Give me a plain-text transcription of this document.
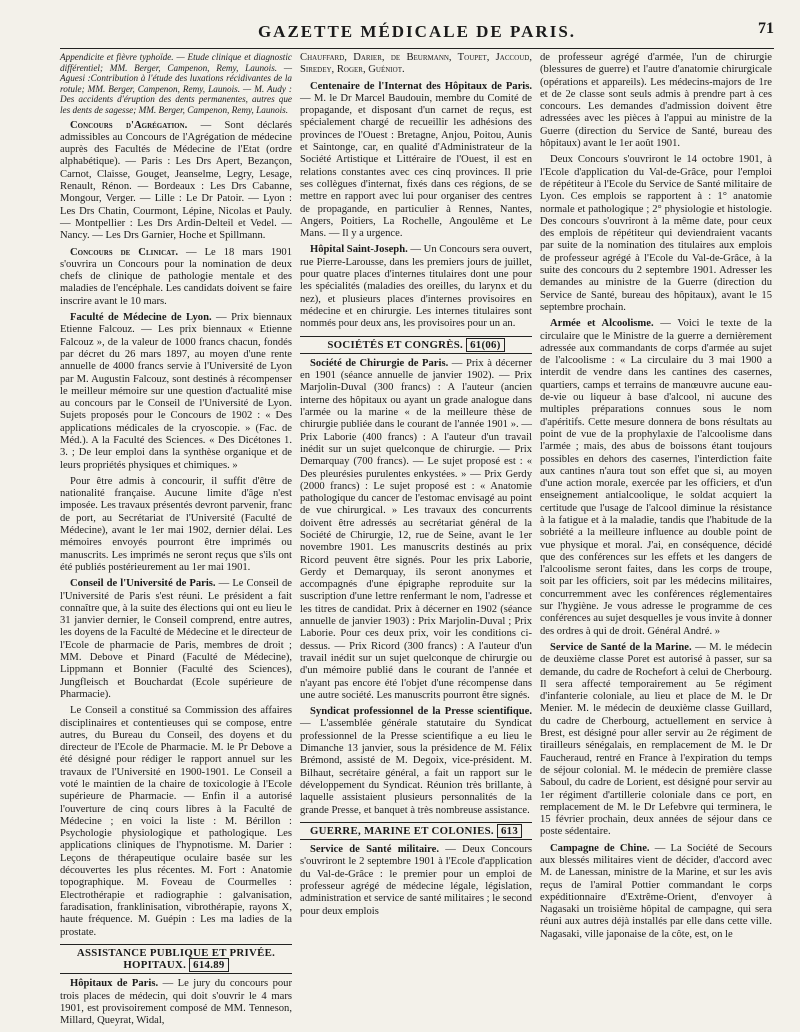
GAZETTE MÉDICALE DE PARIS.	71

Appendicite et fièvre typhoïde. — Etude clinique et diagnostic différentiel; MM. Berger, Campenon, Remy, Launois. — Aguesi :Contribution à l'étude des luxations récidivantes de la rotule; MM. Berger, Campenon, Remy, Launois. — M. Audy : Des accidents d'éruption des dents permanentes, autres que les dents de sagesse; MM. Berger, Campenon, Remy, Launois.

Concours d'Agrégation. — Sont déclarés admissibles au Concours de l'Agrégation de médecine auprès des Facultés de Médecine de l'Etat (ordre alphabétique). — Paris : Les Drs Apert, Bezançon, Carnot, Claisse, Gouget, Jeanselme, Legry, Lesage, Renault, Rénon. — Bordeaux : Les Drs Cabanne, Mongour, Verger. — Lille : Le Dr Patoir. — Lyon : Les Drs Chatin, Courmont, Lépine, Nicolas et Pauly. — Montpellier : Les Drs Ardin-Delteil et Vedel. — Nancy. — Les Drs Garnier, Hoche et Spillmann.

Concours de Clinicat. — Le 18 mars 1901 s'ouvrira un Concours pour la nomination de deux chefs de clinique de pathologie mentale et des maladies de l'encéphale. Les candidats doivent se faire inscrire avant le 10 mars.

Faculté de Médecine de Lyon. — Prix biennaux Etienne Falcouz. — Les prix biennaux « Etienne Falcouz », de la valeur de 1000 francs chacun, fondés par décret du 26 mars 1897, au moyen d'une rente annuelle de 4000 francs servie à l'Université de Lyon par M. Augustin Falcouz, sont destinés à récompenser le meilleur mémoire sur une question d'actualité mise au concours par le Conseil de l'Université de Lyon. Sujets proposés pour le Concours de 1902 : « Des applications médicales de la cryoscopie. » (Fac. de Méd.). A la Faculté des Sciences. « Des Dicétones 1. 3. ; De leur emploi dans la synthèse organique et de leurs propriétés physiques et chimiques. »

Pour être admis à concourir, il suffit d'être de nationalité française. Aucune limite d'âge n'est imposée. Les travaux présentés devront parvenir, franc de port, au Secrétariat de l'Université (Faculté de Médecine), avant le 1er mai 1902, dernier délai. Les mémoires envoyés pourront être imprimés ou manuscrits. Les imprimés ne seront reçus que s'ils ont été publiés postérieurement au 1er mai 1901.

Conseil de l'Université de Paris. — Le Conseil de l'Université de Paris s'est réuni. Le président a fait connaître que, à la suite des élections qui ont eu lieu le 31 janvier dernier, le Conseil comprend, entre autres, les doyens de la Faculté de Médecine et le directeur de l'Ecole de pharmacie de Paris, membres de droit ; MM. Debove et Pinard (Faculté de Médecine), Lippmann et Bonnier (Faculté des Sciences), Jungfleisch et Bouchardat (Ecole supérieure de Pharmacie).

Le Conseil a constitué sa Commission des affaires disciplinaires et contentieuses qui se compose, entre autres, du Bureau du Conseil, des doyens et du directeur de l'Ecole de Pharmacie. M. le Pr Debove a été désigné pour rédiger le rapport annuel sur les travaux de l'Université en 1900-1901. Le Conseil a voté le maintien de la chaire de toxicologie à l'Ecole supérieure de Pharmacie. — Enfin il a autorisé l'ouverture de cinq cours libres à la Faculté de Médecine ; en voici la liste : M. Bérillon : Psychologie physiologique et pathologique. Les applications cliniques de l'hypnotisme. M. Darier : Leçons de thérapeutique oculaire basée sur les découvertes les plus récentes. M. Fort : Anatomie topographique. M. Foveau de Courmelles : Electrothérapie et radiographie : galvanisation, faradisation, franklinisation, vibrothérapie, rayons X, haute fréquence. M. Guépin : Les ma ladies de la prostate.

ASSISTANCE PUBLIQUE ET PRIVÉE. HOPITAUX. 614.89

Hôpitaux de Paris. — Le jury du concours pour trois places de médecin, qui doit s'ouvrir le 4 mars 1901, est provisoirement composé de MM. Tenneson, Millard, Queyrat, Widal,

Chauffard, Darier, de Beurmann, Toupet, Jaccoud, Siredey, Roger, Guéniot.

Centenaire de l'Internat des Hôpitaux de Paris. — M. le Dr Marcel Baudouin, membre du Comité de propagande, et disposant d'un carnet de reçus, est spécialement chargé de recueillir les adhésions des provinces de l'Ouest : Bretagne, Anjou, Poitou, Aunis et Saintonge, car, en qualité d'Administrateur de la Société Artistique et Littéraire de l'Ouest, il est en relations constantes avec ces cinq provinces. Il prie ses collègues d'internat, fixés dans ces régions, de se mettre en rapport avec lui pour organiser des centres de propagande, en particulier à Rennes, Nantes, Angers, Poitiers, La Rochelle, Angoulême et Le Mans. — Il y a urgence.

Hôpital Saint-Joseph. — Un Concours sera ouvert, rue Pierre-Larousse, dans les premiers jours de juillet, pour quatre places d'internes titulaires dont une pour les spécialités (maladies des oreilles, du larynx et du nez), et plusieurs places d'internes provisoires en médecine et en chirurgie. Les internes titulaires sont nommés pour deux ans, les provisoires pour un an.

SOCIÉTÉS ET CONGRÈS. 61(06)

Société de Chirurgie de Paris. — Prix à décerner en 1901 (séance annuelle de janvier 1902). — Prix Marjolin-Duval (300 francs) : A l'auteur (ancien interne des hôpitaux ou ayant un grade analogue dans l'armée ou la marine « de la meilleure thèse de chirurgie publiée dans le courant de l'année 1901 ». — Prix Laborie (400 francs) : A l'auteur d'un travail inédit sur un sujet quelconque de chirurgie. — Prix Demarquay (700 francs). — Le sujet proposé est : « Des pleurésies purulentes enkystées. » — Prix Gerdy (2000 francs) : Le sujet proposé est : « Anatomie pathologique du cancer de l'estomac envisagé au point de vue chirurgical. » Les travaux des concurrents doivent être adressés au secrétariat général de la Société de Chirurgie, 12, rue de Seine, avant le 1er novembre 1901. Les manuscrits destinés au prix Ricord peuvent être signés. Pour les prix Laborie, Gerdy et Demarquay, ils seront anonymes et accompagnés d'une épigraphe reproduite sur la suscription d'une lettre renfermant le nom, l'adresse et les titres de candidat. Prix à décerner en 1902 (séance annuelle de janvier 1903) : Prix Marjolin-Duval ; Prix Laborie. Pour ces deux prix, voir les conditions ci-dessus. — Prix Ricord (300 francs) : A l'auteur d'un travail inédit sur un sujet quelconque de chirurgie ou d'un mémoire publié dans le courant de l'année et n'ayant pas encore été l'objet d'une récompense dans une autre société. Les manuscrits pourront être signés.

Syndicat professionnel de la Presse scientifique. — L'assemblée générale statutaire du Syndicat professionnel de la Presse scientifique a eu lieu le Dimanche 13 janvier, sous la présidence de M. Félix Brémond, assisté de M. Degoix, vice-président. M. Bilhaut, secrétaire général, a fait un rapport sur le développement du Syndicat. Réunion très brillante, à laquelle assistaient plusieurs personnalités de la grande Presse, et banquet à très nombreuse assistance.

GUERRE, MARINE ET COLONIES. 613

Service de Santé militaire. — Deux Concours s'ouvriront le 2 septembre 1901 à l'Ecole d'application du Val-de-Grâce : le premier pour un emploi de professeur agrégé de médecine légale, législation, administration et service de santé militaires ; le second pour deux emplois

de professeur agrégé d'armée, l'un de chirurgie (blessures de guerre) et l'autre d'anatomie chirurgicale (opérations et appareils). Les médecins-majors de 1re et de 2e classe sont seuls admis à prendre part à ces concours. Les demandes d'admission doivent être adressées avec les pièces à l'appui au ministre de la Guerre (direction du Service de Santé, bureau des hôpitaux) avant le 1er août 1901.

Deux Concours s'ouvriront le 14 octobre 1901, à l'Ecole d'application du Val-de-Grâce, pour l'emploi de répétiteur à l'Ecole du Service de Santé militaire de Lyon. Ces emplois se rapportent à : 1° anatomie normale et pathologique ; 2° physiologie et histologie. Des concours s'ouvriront à la même date, pour ceux des emplois de répétiteur qui deviendraient vacants par suite de la nomination des titulaires aux emplois de professeur agrégé à l'Ecole du Val-de-Grâce, à la suite des concours du 2 septembre 1901. Adresser les demandes au ministre de la Guerre (direction du Service de Santé, bureau des hôpitaux), avant le 15 septembre prochain.

Armée et Alcoolisme. — Voici le texte de la circulaire que le Ministre de la guerre a dernièrement adressée aux commandants de corps d'armée au sujet de l'alcoolisme : « La circulaire du 3 mai 1900 a interdit de vendre dans les cantines des casernes, quartiers, camps et terrains de manœuvre aucune eau-de-vie ou liqueur à base d'alcool, ni aucune des multiples préparations connues sous le nom d'apéritifs. Cette mesure donnera de bons résultats au point de vue de la prophylaxie de l'alcoolisme dans l'armée ; mais, des abus de boissons étant toujours possibles en dehors des casernes, l'interdiction faite aux cantines n'aura tout son effet que si, au moyen d'une action morale, exercée par les officiers, et d'un enseignement antialcoolique, le soldat acquiert la certitude que l'usage de l'alcool diminue la résistance à la fatigue et à la maladie, tandis que l'habitude de la sobriété a la meilleure influence au double point de vue physique et moral. J'ai, en conséquence, décidé que des conférences sur les effets et les dangers de l'alcoolisme seront faites, dans les corps de troupe, soit par les officiers, soit par les médecins militaires, concurremment avec les conférences réglementaires sur l'hygiène. Je vous adresse le programme de ces conférences au sujet desquelles je vous invite à donner des ordres à qui de droit. Général André. »

Service de Santé de la Marine. — M. le médecin de deuxième classe Poret est autorisé à passer, sur sa demande, du cadre de Rochefort à celui de Cherbourg. Il sera affecté temporairement au 5e régiment d'infanterie coloniale, au lieu et place de M. le Dr Menier. M. le médecin de deuxième classe Guillard, du cadre de Cherbourg, actuellement en service à Brest, est désigné pour aller servir au 2e régiment de tirailleurs sénégalais, en remplacement de M. le Dr Faucheraud, rentré en France à l'expiration du temps de séjour colonial. M. le médecin de première classe Saboul, du cadre de Lorient, est désigné pour servir au 1er régiment d'artillerie coloniale dans ce port, en remplacement de M. le Dr Lefebvre qui terminera, le 15 février prochain, deux années de séjour dans ce poste sédentaire.

Campagne de Chine. — La Société de Secours aux blessés militaires vient de décider, d'accord avec M. de Lanessan, ministre de la Marine, et sur les avis reçus de l'amiral Pottier commandant le corps expéditionnaire d'Extrême-Orient, d'envoyer à Nagasaki un troisième hôpital de campagne, qui sera réuni aux autres déjà installés par elle dans cette ville. Nagasaki, ville japonaise de la côte, est, on le
